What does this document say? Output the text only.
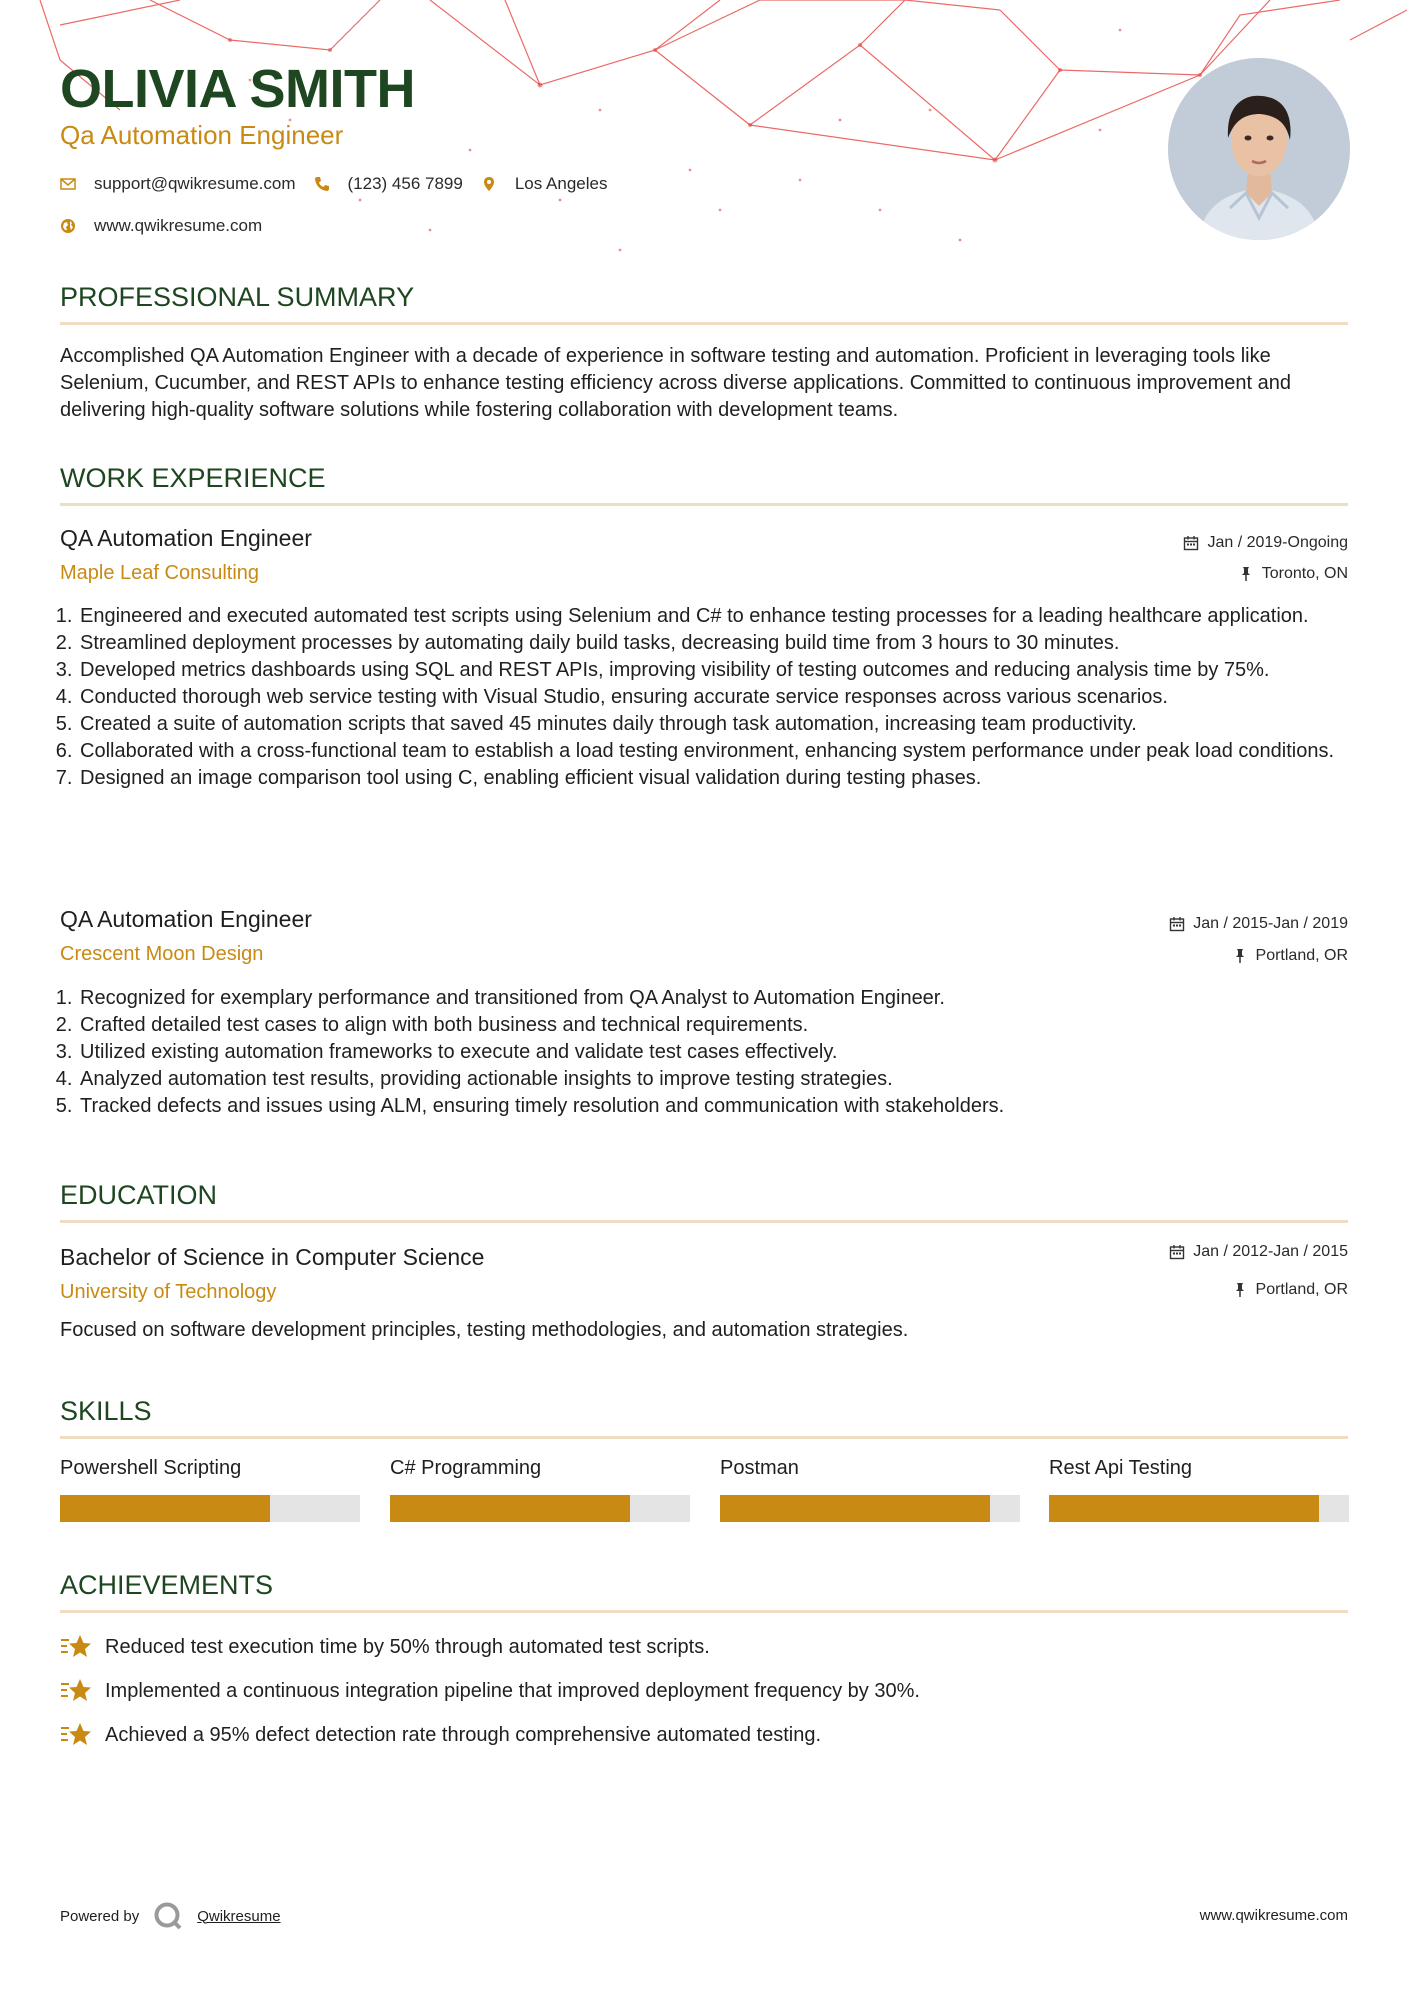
OLIVIA SMITH

Qa Automation Engineer

support@qwikresume.com	(123) 456 7899	Los Angeles
www.qwikresume.com
PROFESSIONAL SUMMARY

Accomplished QA Automation Engineer with a decade of experience in software testing and automation. Proficient in leveraging tools like Selenium, Cucumber, and REST APIs to enhance testing efficiency across diverse applications. Committed to continuous improvement and delivering high-quality software solutions while fostering collaboration with development teams.

WORK EXPERIENCE

QA Automation Engineer

Maple Leaf Consulting

Jan / 2019-Ongoing
Toronto, ON
1. Engineered and executed automated test scripts using Selenium and C# to enhance testing processes for a leading healthcare application.
2. Streamlined deployment processes by automating daily build tasks, decreasing build time from 3 hours to 30 minutes.
3. Developed metrics dashboards using SQL and REST APIs, improving visibility of testing outcomes and reducing analysis time by 75%.
4. Conducted thorough web service testing with Visual Studio, ensuring accurate service responses across various scenarios.
5. Created a suite of automation scripts that saved 45 minutes daily through task automation, increasing team productivity.
6. Collaborated with a cross-functional team to establish a load testing environment, enhancing system performance under peak load conditions.
7. Designed an image comparison tool using C, enabling efficient visual validation during testing phases.

QA Automation Engineer

Crescent Moon Design

Jan / 2015-Jan / 2019
Portland, OR
1. Recognized for exemplary performance and transitioned from QA Analyst to Automation Engineer.
2. Crafted detailed test cases to align with both business and technical requirements.
3. Utilized existing automation frameworks to execute and validate test cases effectively.
4. Analyzed automation test results, providing actionable insights to improve testing strategies.
5. Tracked defects and issues using ALM, ensuring timely resolution and communication with stakeholders.
EDUCATION

Bachelor of Science in Computer Science

University of Technology

Jan / 2012-Jan / 2015
Portland, OR

Focused on software development principles, testing methodologies, and automation strategies.

SKILLS

Powershell Scripting	C# Programming	Postman	Rest Api Testing

ACHIEVEMENTS
Reduced test execution time by 50% through automated test scripts.
Implemented a continuous integration pipeline that improved deployment frequency by 30%.
Achieved a 95% defect detection rate through comprehensive automated testing.
Powered by	Qwikresume	www.qwikresume.com
